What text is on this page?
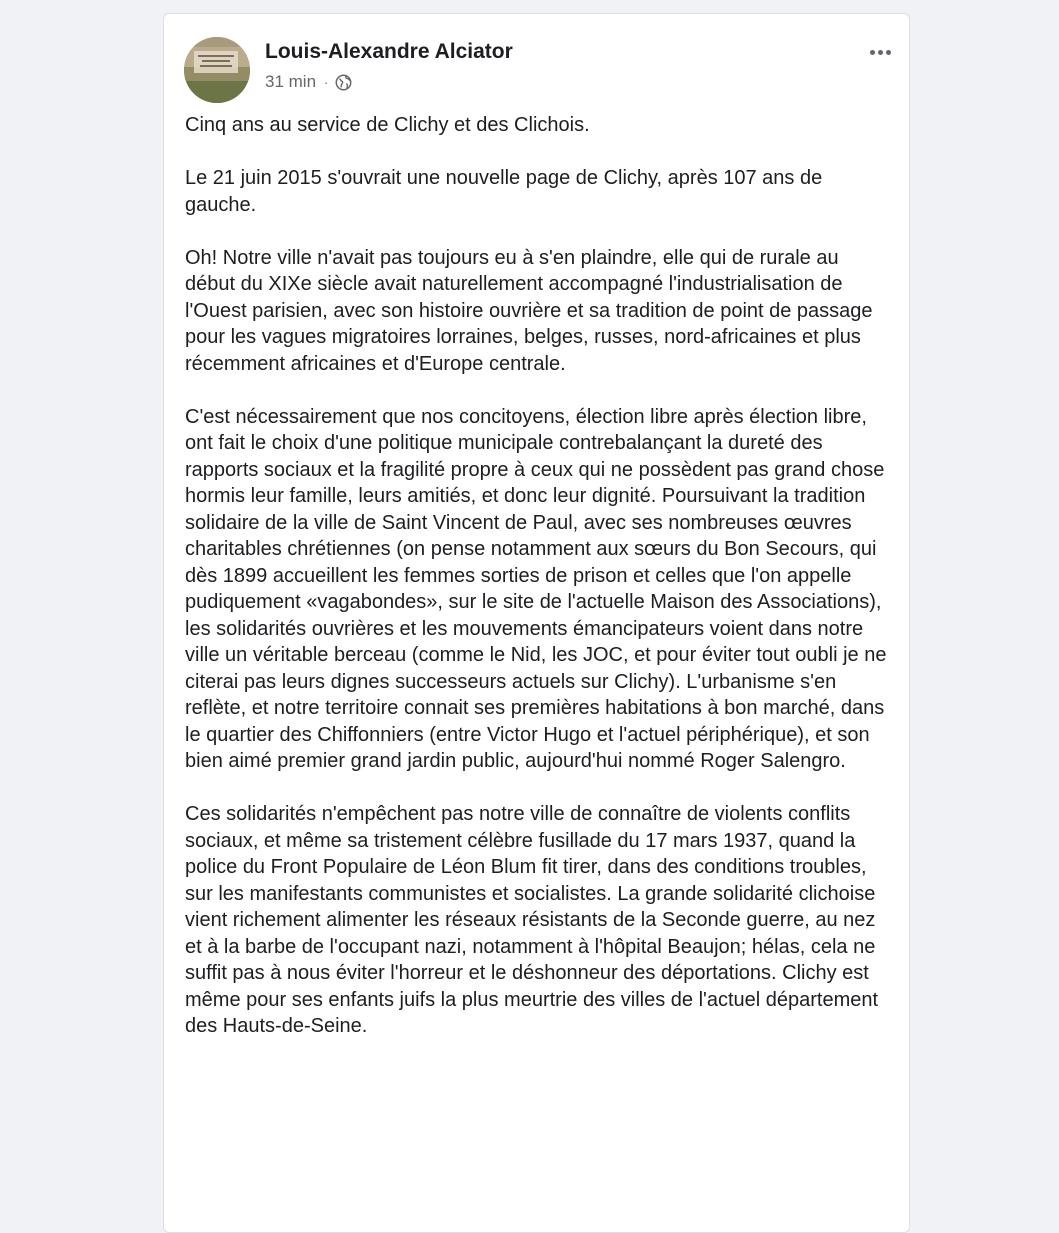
Louis-Alexandre Alciator
31 min ·

Cinq ans au service de Clichy et des Clichois.

Le 21 juin 2015 s'ouvrait une nouvelle page de Clichy, après 107 ans de gauche.

Oh! Notre ville n'avait pas toujours eu à s'en plaindre, elle qui de rurale au début du XIXe siècle avait naturellement accompagné l'industrialisation de l'Ouest parisien, avec son histoire ouvrière et sa tradition de point de passage pour les vagues migratoires lorraines, belges, russes, nord-africaines et plus récemment africaines et d'Europe centrale.

C'est nécessairement que nos concitoyens, élection libre après élection libre, ont fait le choix d'une politique municipale contrebalançant la dureté des rapports sociaux et la fragilité propre à ceux qui ne possèdent pas grand chose hormis leur famille, leurs amitiés, et donc leur dignité. Poursuivant la tradition solidaire de la ville de Saint Vincent de Paul, avec ses nombreuses œuvres charitables chrétiennes (on pense notamment aux sœurs du Bon Secours, qui dès 1899 accueillent les femmes sorties de prison et celles que l'on appelle pudiquement «vagabondes», sur le site de l'actuelle Maison des Associations), les solidarités ouvrières et les mouvements émancipateurs voient dans notre ville un véritable berceau (comme le Nid, les JOC, et pour éviter tout oubli je ne citerai pas leurs dignes successeurs actuels sur Clichy). L'urbanisme s'en reflète, et notre territoire connait ses premières habitations à bon marché, dans le quartier des Chiffonniers (entre Victor Hugo et l'actuel périphérique), et son bien aimé premier grand jardin public, aujourd'hui nommé Roger Salengro.

Ces solidarités n'empêchent pas notre ville de connaître de violents conflits sociaux, et même sa tristement célèbre fusillade du 17 mars 1937, quand la police du Front Populaire de Léon Blum fit tirer, dans des conditions troubles, sur les manifestants communistes et socialistes. La grande solidarité clichoise vient richement alimenter les réseaux résistants de la Seconde guerre, au nez et à la barbe de l'occupant nazi, notamment à l'hôpital Beaujon; hélas, cela ne suffit pas à nous éviter l'horreur et le déshonneur des déportations. Clichy est même pour ses enfants juifs la plus meurtrie des villes de l'actuel département des Hauts-de-Seine.
